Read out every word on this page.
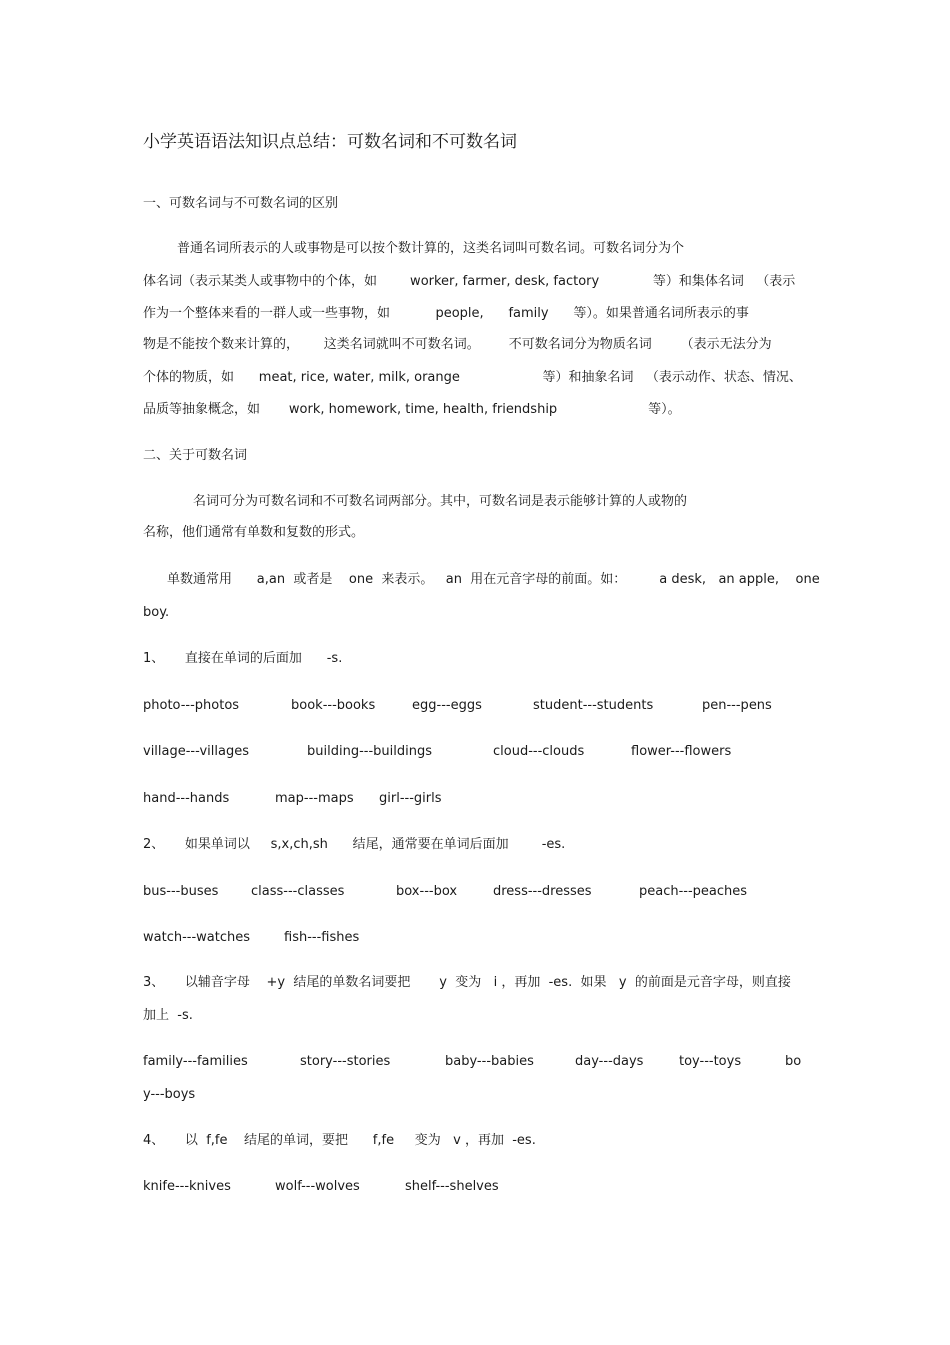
小学英语语法知识点总结：可数名词和不可数名词
一、可数名词与不可数名词的区别
普通名词所表示的人或事物是可以按个数计算的，这类名词叫可数名词。可数名词分为个
体名词（表示某类人或事物中的个体，如        worker, farmer, desk, factory             等）和集体名词   （表示
作为一个整体来看的一群人或一些事物，如           people,      family      等）。如果普通名词所表示的事
物是不能按个数来计算的，      这类名词就叫不可数名词。       不可数名词分为物质名词       （表示无法分为
个体的物质，如      meat, rice, water, milk, orange                    等）和抽象名词   （表示动作、状态、情况、
品质等抽象概念，如       work, homework, time, health, friendship                      等）。
二、关于可数名词
名词可分为可数名词和不可数名词两部分。其中，可数名词是表示能够计算的人或物的
名称，他们通常有单数和复数的形式。
单数通常用      a,an  或者是    one  来表示。   an  用在元音字母的前面。如：        a desk,   an apple,    one
boy.
1、     直接在单词的后面加      -s.
photo---photos	book---books	egg---eggs	student---students	pen---pens
village---villages	building---buildings	cloud---clouds	flower---flowers
hand---hands	map---maps girl---girls
2、     如果单词以     s,x,ch,sh      结尾，通常要在单词后面加        -es.
bus---buses	class---classes	box---box	dress---dresses	peach---peaches
watch---watches	fish---fishes
3、     以辅音字母    +y  结尾的单数名词要把       y  变为   i ，再加  -es.  如果   y  的前面是元音字母，则直接
加上  -s.
family---families	story---stories	baby---babies	day---days	toy---toys	bo
y---boys
4、     以  f,fe    结尾的单词，要把      f,fe     变为   v ，再加  -es.
knife---knives	wolf---wolves	shelf---shelves
